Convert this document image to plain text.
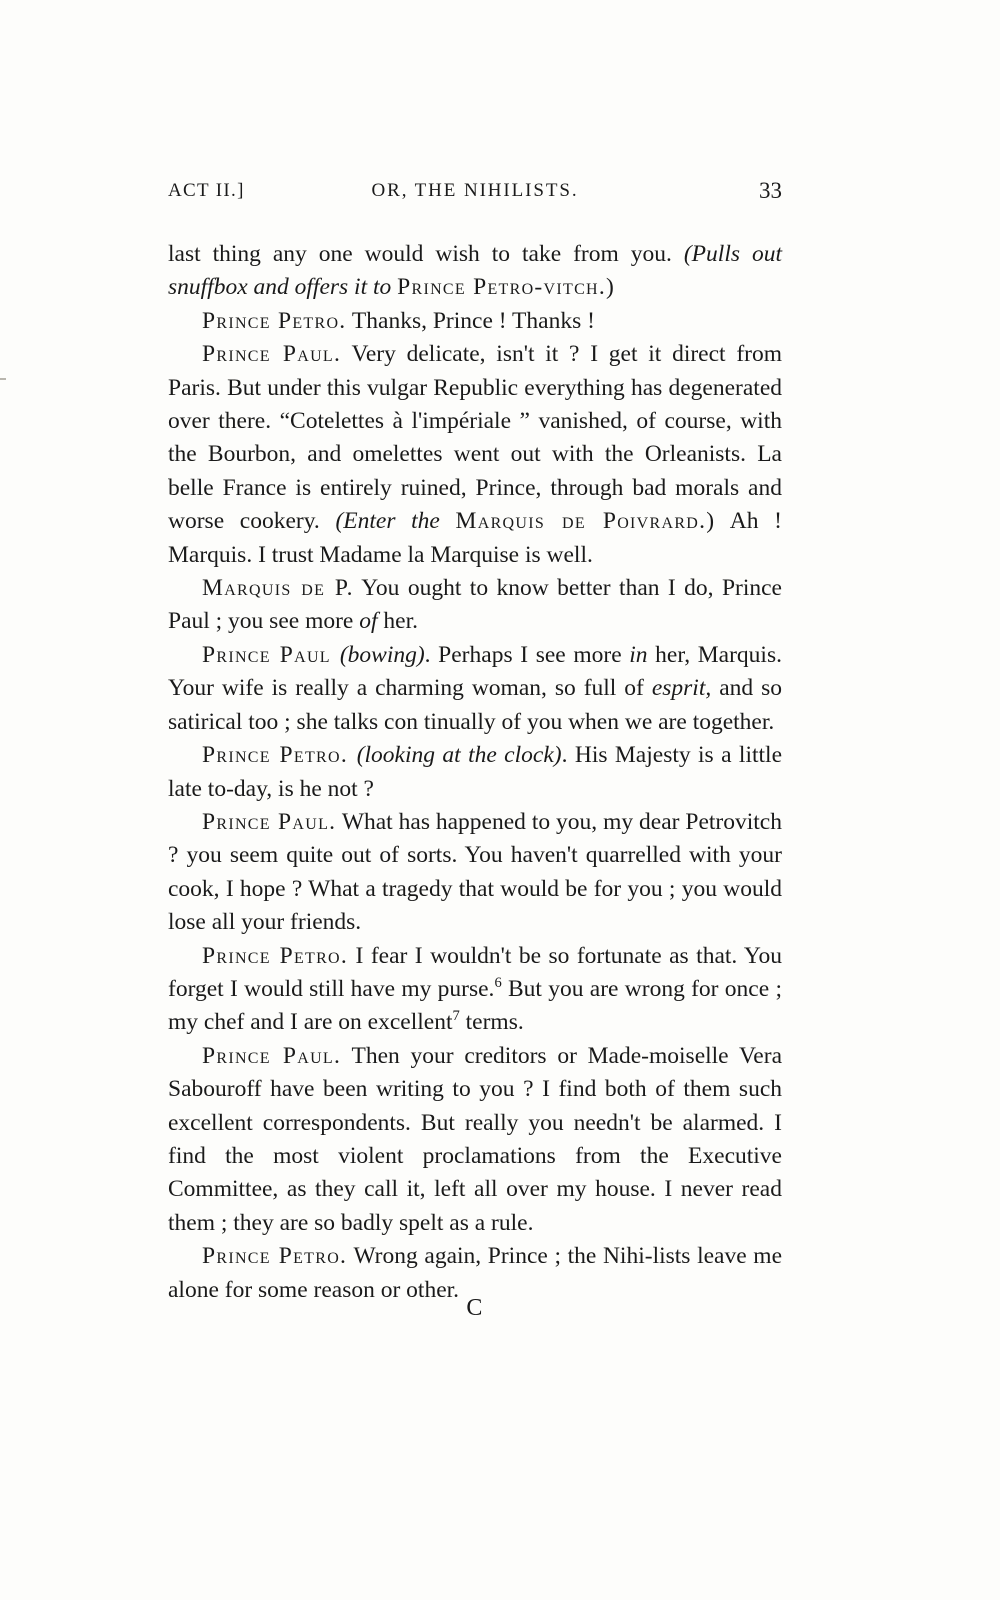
ACT II.]	OR, THE NIHILISTS.	33

last thing any one would wish to take from you. (Pulls out snuffbox and offers it to Prince Petro-vitch.)

Prince Petro. Thanks, Prince ! Thanks !

Prince Paul. Very delicate, isn't it ? I get it direct from Paris. But under this vulgar Republic everything has degenerated over there. “Cotelettes à l'impériale ” vanished, of course, with the Bourbon, and omelettes went out with the Orleanists. La belle France is entirely ruined, Prince, through bad morals and worse cookery. (Enter the Marquis de Poivrard.) Ah ! Marquis. I trust Madame la Marquise is well.

Marquis de P. You ought to know better than I do, Prince Paul ; you see more of her.

Prince Paul (bowing). Perhaps I see more in her, Marquis. Your wife is really a charming woman, so full of esprit, and so satirical too ; she talks con tinually of you when we are together.

Prince Petro. (looking at the clock). His Majesty is a little late to-day, is he not ?

Prince Paul. What has happened to you, my dear Petrovitch ? you seem quite out of sorts. You haven't quarrelled with your cook, I hope ? What a tragedy that would be for you ; you would lose all your friends.

Prince Petro. I fear I wouldn't be so fortunate as that. You forget I would still have my purse.$^6$ But you are wrong for once ; my chef and I are on excellent$^7$ terms.

Prince Paul. Then your creditors or Made-moiselle Vera Sabouroff have been writing to you ? I find both of them such excellent correspondents. But really you needn't be alarmed. I find the most violent proclamations from the Executive Committee, as they call it, left all over my house. I never read them ; they are so badly spelt as a rule.

Prince Petro. Wrong again, Prince ; the Nihi-lists leave me alone for some reason or other.

C
